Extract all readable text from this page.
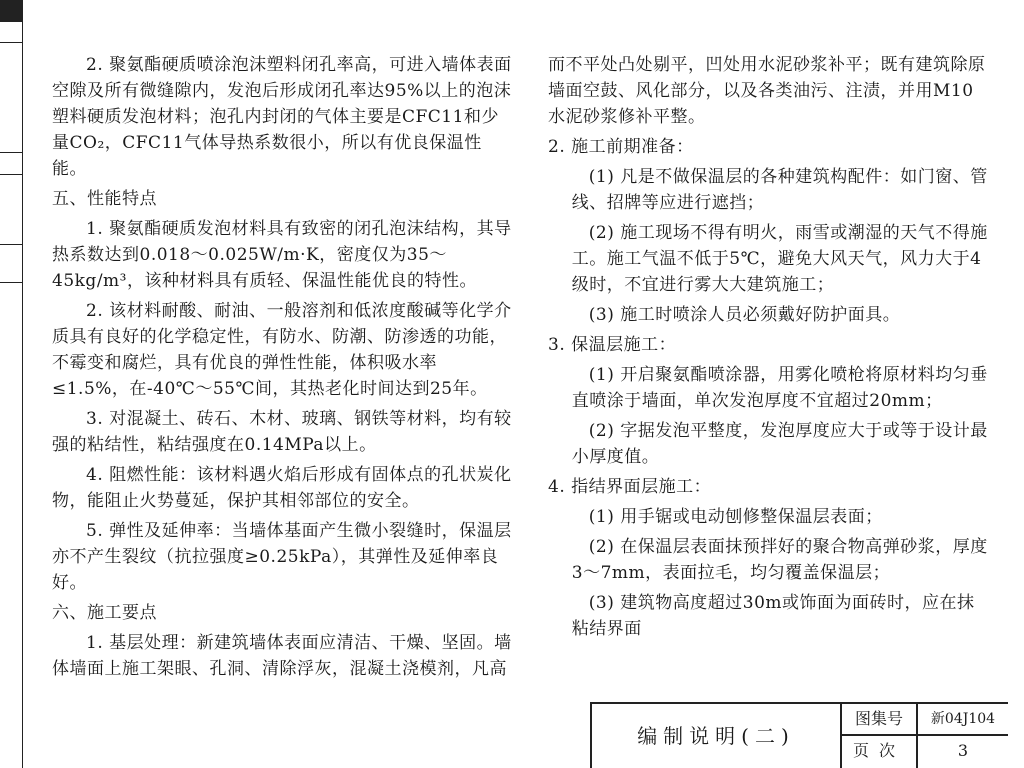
2. 聚氨酯硬质喷涂泡沫塑料闭孔率高，可进入墙体表面空隙及所有微缝隙内，发泡后形成闭孔率达95%以上的泡沫塑料硬质发泡材料；泡孔内封闭的气体主要是CFC11和少量CO₂，CFC11气体导热系数很小，所以有优良保温性能。

五、性能特点

1. 聚氨酯硬质发泡材料具有致密的闭孔泡沫结构，其导热系数达到0.018～0.025W/m·K，密度仅为35～45kg/m³，该种材料具有质轻、保温性能优良的特性。

2. 该材料耐酸、耐油、一般溶剂和低浓度酸碱等化学介质具有良好的化学稳定性，有防水、防潮、防渗透的功能，不霉变和腐烂，具有优良的弹性性能，体积吸水率≤1.5%，在-40℃～55℃间，其热老化时间达到25年。

3. 对混凝土、砖石、木材、玻璃、钢铁等材料，均有较强的粘结性，粘结强度在0.14MPa以上。

4. 阻燃性能：该材料遇火焰后形成有固体点的孔状炭化物，能阻止火势蔓延，保护其相邻部位的安全。

5. 弹性及延伸率：当墙体基面产生微小裂缝时，保温层亦不产生裂纹（抗拉强度≥0.25kPa），其弹性及延伸率良好。

六、施工要点

1. 基层处理：新建筑墙体表面应清洁、干燥、坚固。墙体墙面上施工架眼、孔洞、清除浮灰，混凝土浇模剂，凡高

而不平处凸处剔平，凹处用水泥砂浆补平；既有建筑除原墙面空鼓、风化部分，以及各类油污、注渍，并用M10水泥砂浆修补平整。

2. 施工前期准备：

(1) 凡是不做保温层的各种建筑构配件：如门窗、管线、招牌等应进行遮挡；

(2) 施工现场不得有明火，雨雪或潮湿的天气不得施工。施工气温不低于5℃，避免大风天气，风力大于4级时，不宜进行雾大大建筑施工；

(3) 施工时喷涂人员必须戴好防护面具。

3. 保温层施工：

(1) 开启聚氨酯喷涂器，用雾化喷枪将原材料均匀垂直喷涂于墙面，单次发泡厚度不宜超过20mm；

(2) 字据发泡平整度，发泡厚度应大于或等于设计最小厚度值。

4. 指结界面层施工：

(1) 用手锯或电动刨修整保温层表面；

(2) 在保温层表面抹预拌好的聚合物高弹砂浆，厚度3～7mm，表面拉毛，均匀覆盖保温层；

(3) 建筑物高度超过30m或饰面为面砖时，应在抹粘结界面

编制说明(二)
图集号	新04J104
页次	3
